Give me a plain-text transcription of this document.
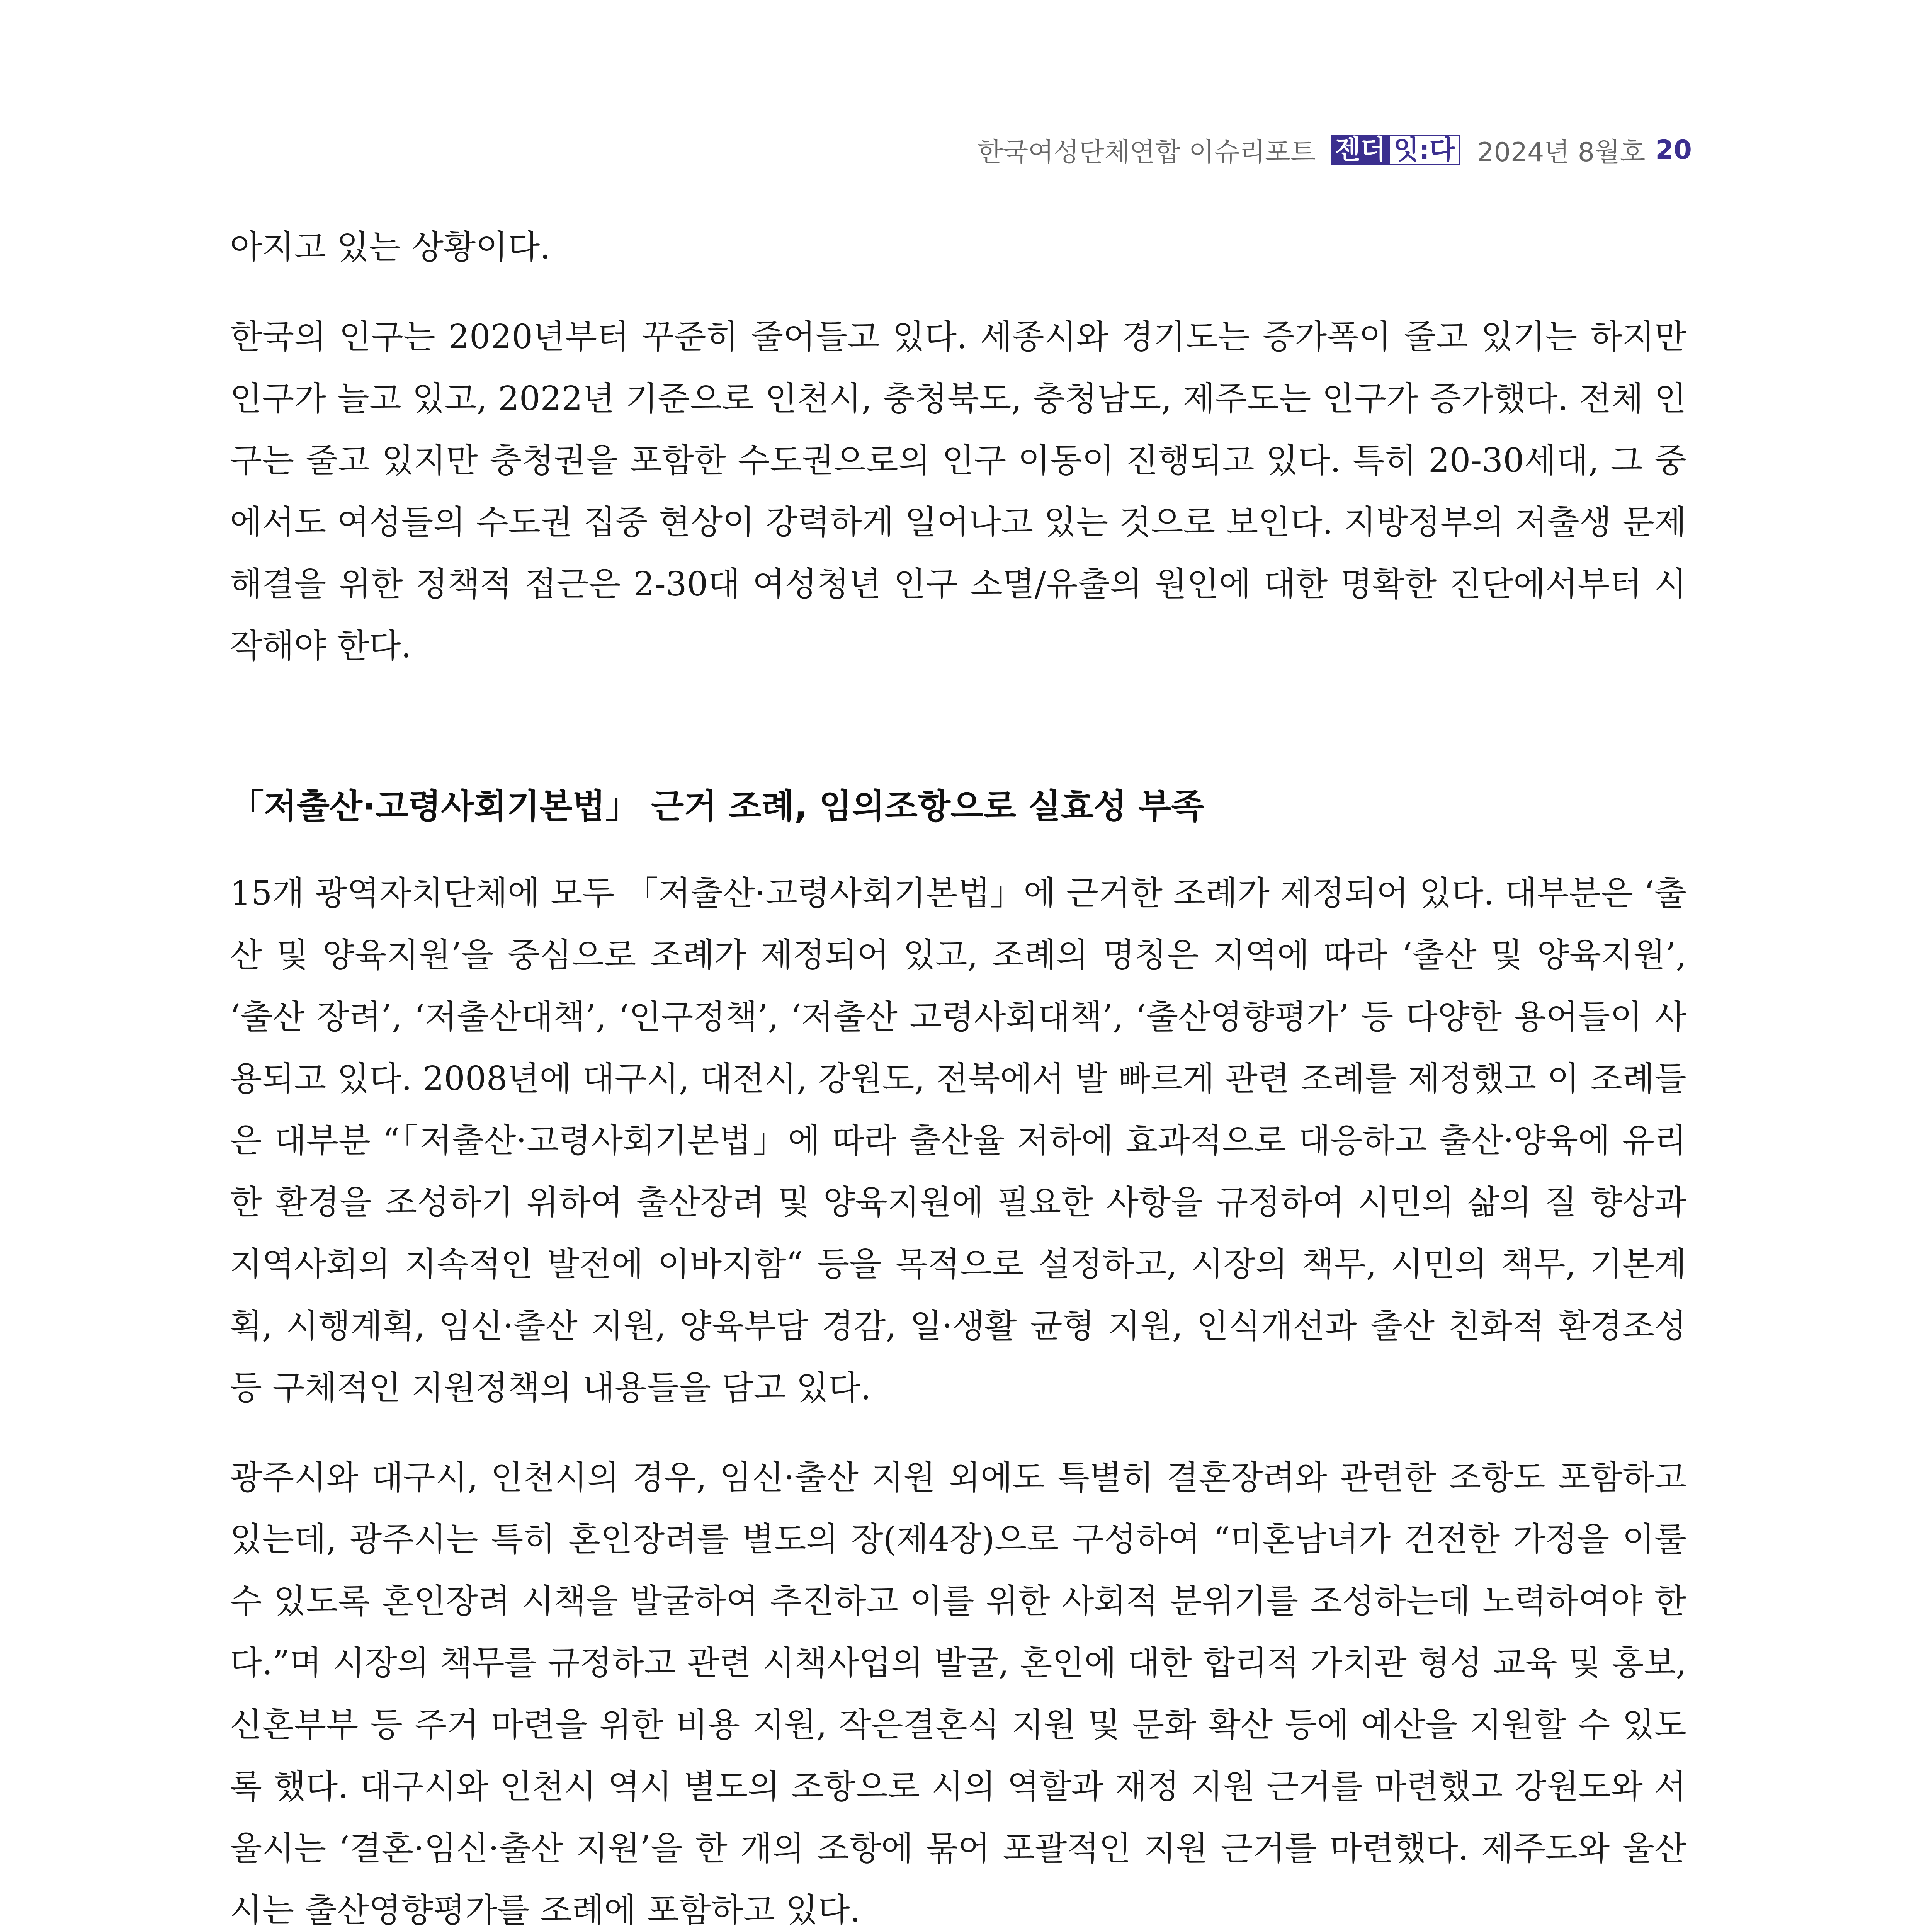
한국여성단체연합 이슈리포트 젠더 잇:다 2024년 8월호 20

아지고 있는 상황이다.

한국의 인구는 2020년부터 꾸준히 줄어들고 있다. 세종시와 경기도는 증가폭이 줄고 있기는 하지만 인구가 늘고 있고, 2022년 기준으로 인천시, 충청북도, 충청남도, 제주도는 인구가 증가했다. 전체 인구는 줄고 있지만 충청권을 포함한 수도권으로의 인구 이동이 진행되고 있다. 특히 20-30세대, 그 중에서도 여성들의 수도권 집중 현상이 강력하게 일어나고 있는 것으로 보인다. 지방정부의 저출생 문제 해결을 위한 정책적 접근은 2-30대 여성청년 인구 소멸/유출의 원인에 대한 명확한 진단에서부터 시작해야 한다.

「저출산·고령사회기본법」 근거 조례, 임의조항으로 실효성 부족

15개 광역자치단체에 모두 「저출산·고령사회기본법」에 근거한 조례가 제정되어 있다. 대부분은 ‘출산 및 양육지원’을 중심으로 조례가 제정되어 있고, 조례의 명칭은 지역에 따라 ‘출산 및 양육지원’, ‘출산 장려’, ‘저출산대책’, ‘인구정책’, ‘저출산 고령사회대책’, ‘출산영향평가’ 등 다양한 용어들이 사용되고 있다. 2008년에 대구시, 대전시, 강원도, 전북에서 발 빠르게 관련 조례를 제정했고 이 조례들은 대부분 “「저출산·고령사회기본법」에 따라 출산율 저하에 효과적으로 대응하고 출산·양육에 유리한 환경을 조성하기 위하여 출산장려 및 양육지원에 필요한 사항을 규정하여 시민의 삶의 질 향상과 지역사회의 지속적인 발전에 이바지함“ 등을 목적으로 설정하고, 시장의 책무, 시민의 책무, 기본계획, 시행계획, 임신·출산 지원, 양육부담 경감, 일·생활 균형 지원, 인식개선과 출산 친화적 환경조성 등 구체적인 지원정책의 내용들을 담고 있다.

광주시와 대구시, 인천시의 경우, 임신·출산 지원 외에도 특별히 결혼장려와 관련한 조항도 포함하고 있는데, 광주시는 특히 혼인장려를 별도의 장(제4장)으로 구성하여 “미혼남녀가 건전한 가정을 이룰 수 있도록 혼인장려 시책을 발굴하여 추진하고 이를 위한 사회적 분위기를 조성하는데 노력하여야 한다.”며 시장의 책무를 규정하고 관련 시책사업의 발굴, 혼인에 대한 합리적 가치관 형성 교육 및 홍보, 신혼부부 등 주거 마련을 위한 비용 지원, 작은결혼식 지원 및 문화 확산 등에 예산을 지원할 수 있도록 했다. 대구시와 인천시 역시 별도의 조항으로 시의 역할과 재정 지원 근거를 마련했고 강원도와 서울시는 ‘결혼·임신·출산 지원’을 한 개의 조항에 묶어 포괄적인 지원 근거를 마련했다. 제주도와 울산시는 출산영향평가를 조례에 포함하고 있다.
